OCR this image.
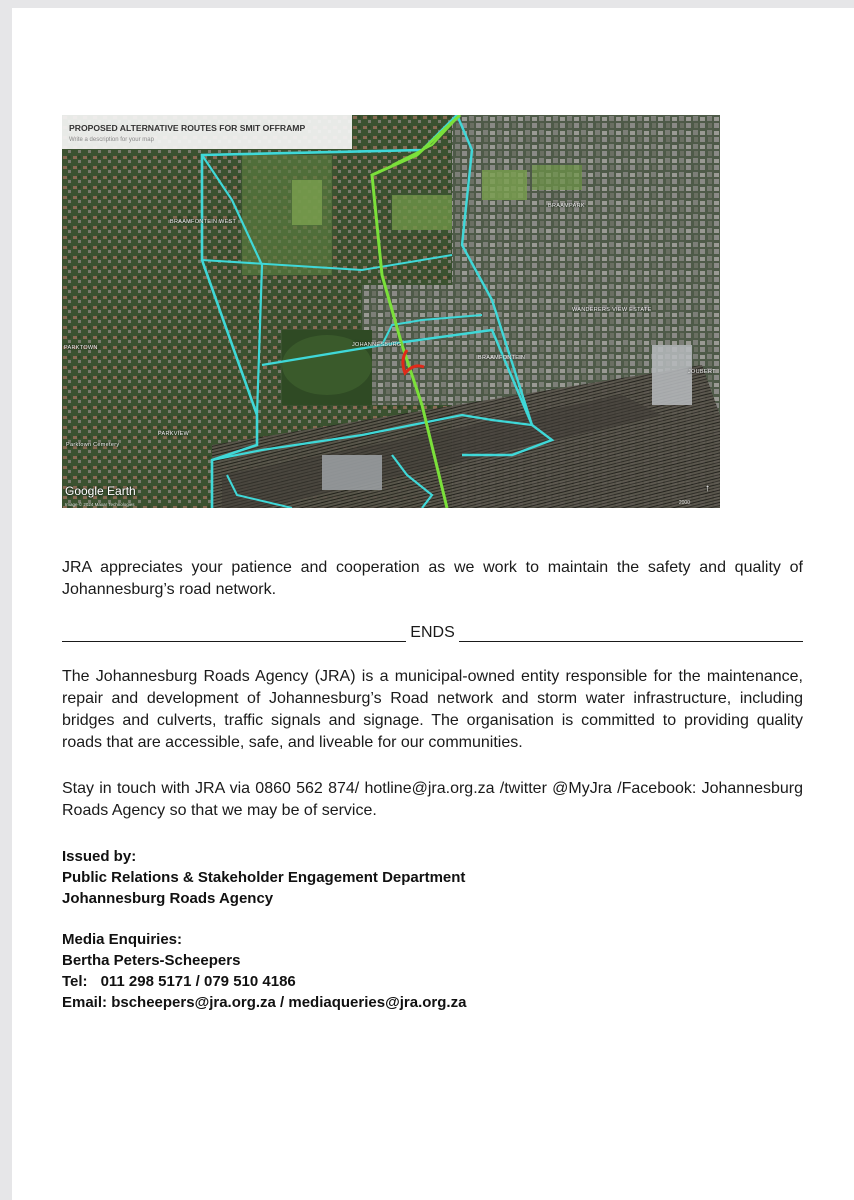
PROPOSED ALTERNATIVE ROUTES FOR SMIT OFFRAMP
Write a description for your map
BRAAMFONTEIN WEST
BRAAMPARK
WANDERERS VIEW ESTATE
JOHANNESBURG
BRAAMFONTEIN
PARKTOWN
PARKVIEW
JOUBERT
Parktown Cemetery
Google Earth
Image © 2024 Maxar Technologies	2000
↑
JRA appreciates your patience and cooperation as we work to maintain the safety and quality of Johannesburg’s road network.
ENDS
The Johannesburg Roads Agency (JRA) is a municipal-owned entity responsible for the maintenance, repair and development of Johannesburg’s Road network and storm water infrastructure, including bridges and culverts, traffic signals and signage. The organisation is committed to providing quality roads that are accessible, safe, and liveable for our communities.
Stay in touch with JRA via 0860 562 874/ hotline@jra.org.za /twitter @MyJra /Facebook: Johannesburg Roads Agency so that we may be of service.
Issued by:
Public Relations & Stakeholder Engagement Department
Johannesburg Roads Agency
Media Enquiries:
Bertha Peters-Scheepers
Tel: 011 298 5171 / 079 510 4186
Email: bscheepers@jra.org.za / mediaqueries@jra.org.za
